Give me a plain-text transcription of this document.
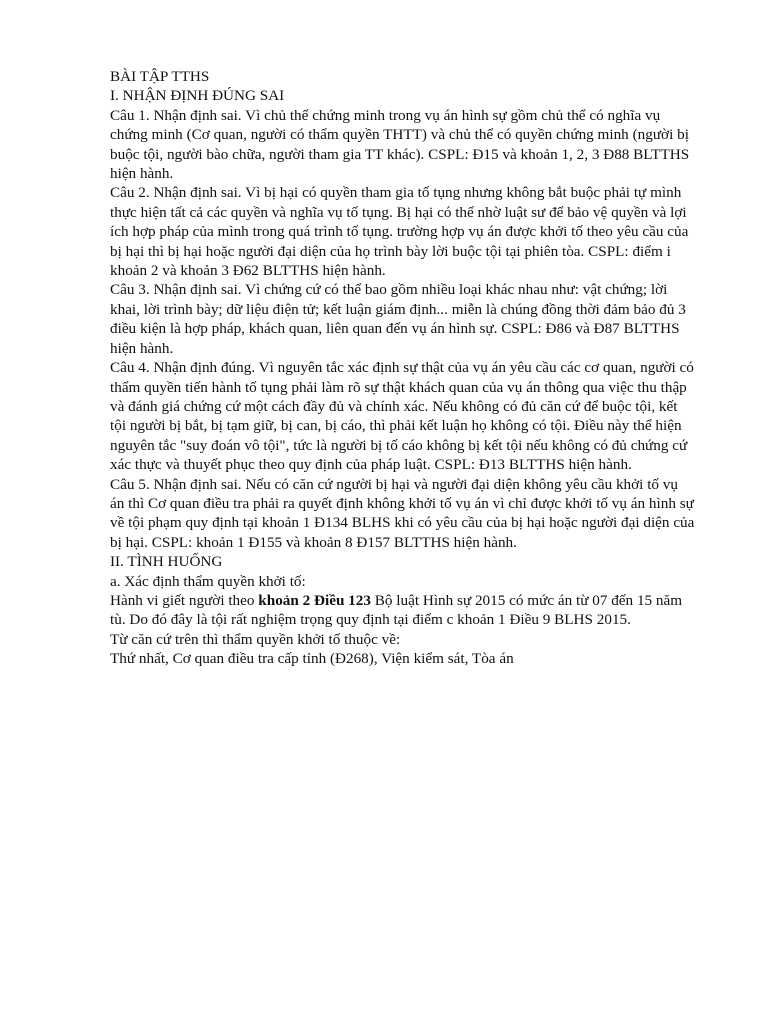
BÀI TẬP TTHS

I. NHẬN ĐỊNH ĐÚNG SAI

Câu 1. Nhận định sai. Vì chủ thể chứng minh trong vụ án hình sự gồm chủ thể có nghĩa vụ chứng minh (Cơ quan, người có thẩm quyền THTT) và chủ thể có quyền chứng minh (người bị buộc tội, người bào chữa, người tham gia TT khác). CSPL: Đ15 và khoản 1, 2, 3 Đ88 BLTTHS hiện hành.

Câu 2. Nhận định sai. Vì bị hại có quyền tham gia tố tụng nhưng không bắt buộc phải tự mình thực hiện tất cả các quyền và nghĩa vụ tố tụng. Bị hại có thể nhờ luật sư để bảo vệ quyền và lợi ích hợp pháp của mình trong quá trình tố tụng. trường hợp vụ án được khởi tố theo yêu cầu của bị hại thì bị hại hoặc người đại diện của họ trình bày lời buộc tội tại phiên tòa. CSPL: điểm i khoản 2 và khoản 3 Đ62 BLTTHS hiện hành.

Câu 3. Nhận định sai. Vì chứng cứ có thể bao gồm nhiều loại khác nhau như: vật chứng; lời khai, lời trình bày; dữ liệu điện tử; kết luận giám định... miễn là chúng đồng thời đảm bảo đủ 3 điều kiện là hợp pháp, khách quan, liên quan đến vụ án hình sự. CSPL: Đ86 và Đ87 BLTTHS hiện hành.

Câu 4. Nhận định đúng. Vì nguyên tắc xác định sự thật của vụ án yêu cầu các cơ quan, người có thẩm quyền tiến hành tố tụng phải làm rõ sự thật khách quan của vụ án thông qua việc thu thập và đánh giá chứng cứ một cách đầy đủ và chính xác. Nếu không có đủ căn cứ để buộc tội, kết tội người bị bắt, bị tạm giữ, bị can, bị cáo, thì phải kết luận họ không có tội. Điều này thể hiện nguyên tắc "suy đoán vô tội", tức là người bị tố cáo không bị kết tội nếu không có đủ chứng cứ xác thực và thuyết phục theo quy định của pháp luật. CSPL: Đ13 BLTTHS hiện hành.

Câu 5. Nhận định sai. Nếu có căn cứ người bị hại và người đại diện không yêu cầu khởi tố vụ án thì Cơ quan điều tra phải ra quyết định không khởi tố vụ án vì chỉ được khởi tố vụ án hình sự về tội phạm quy định tại khoản 1 Đ134 BLHS khi có yêu cầu của bị hại hoặc người đại diện của bị hại. CSPL: khoản 1 Đ155 và khoản 8 Đ157 BLTTHS hiện hành.

II. TÌNH HUỐNG

a. Xác định thẩm quyền khởi tố:

Hành vi giết người theo khoản 2 Điều 123 Bộ luật Hình sự 2015 có mức án từ 07 đến 15 năm tù. Do đó đây là tội rất nghiệm trọng quy định tại điểm c khoản 1 Điều 9 BLHS 2015.

Từ căn cứ trên thì thẩm quyền khởi tố thuộc về:

Thứ nhất, Cơ quan điều tra cấp tỉnh (Đ268), Viện kiểm sát, Tòa án
